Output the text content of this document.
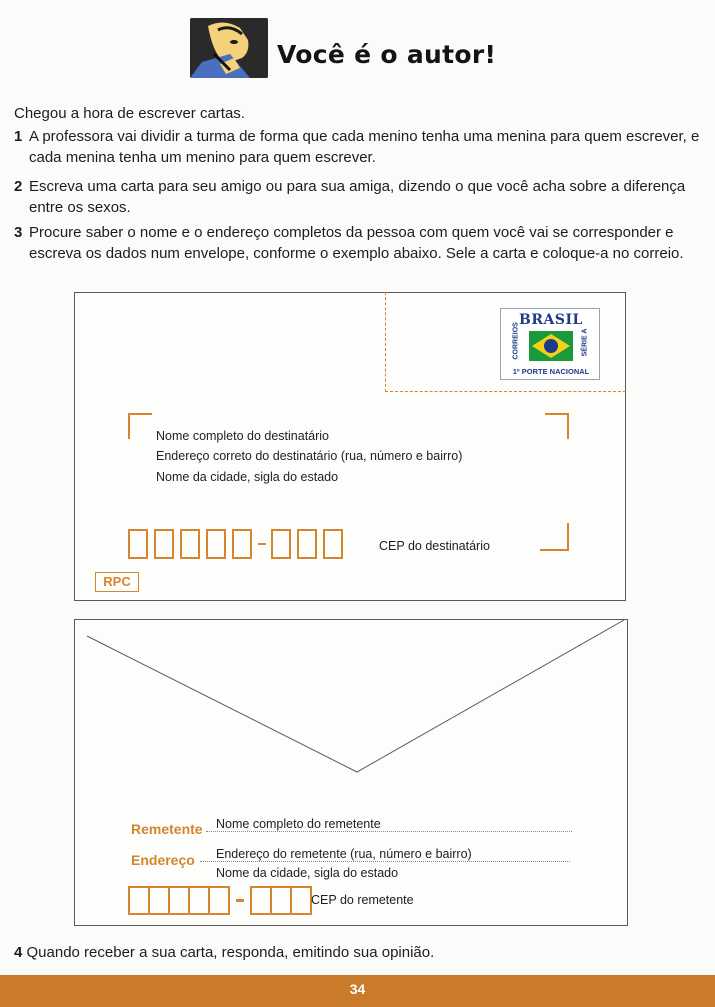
Você é o autor!
Chegou a hora de escrever cartas.
1 A professora vai dividir a turma de forma que cada menino tenha uma menina para quem escrever, e cada menina tenha um menino para quem escrever.
2 Escreva uma carta para seu amigo ou para sua amiga, dizendo o que você acha sobre a diferença entre os sexos.
3 Procure saber o nome e o endereço completos da pessoa com quem você vai se corresponder e escreva os dados num envelope, conforme o exemplo abaixo. Sele a carta e coloque-a no correio.
BRASIL
CORREIOS	SÉRIE A
1º PORTE NACIONAL
Nome completo do destinatário
Endereço correto do destinatário (rua, número e bairro)
Nome da cidade, sigla do estado
CEP do destinatário
RPC
Remetente Nome completo do remetente
Endereço Endereço do remetente (rua, número e bairro)
Nome da cidade, sigla do estado
CEP do remetente
4 Quando receber a sua carta, responda, emitindo sua opinião.
34
